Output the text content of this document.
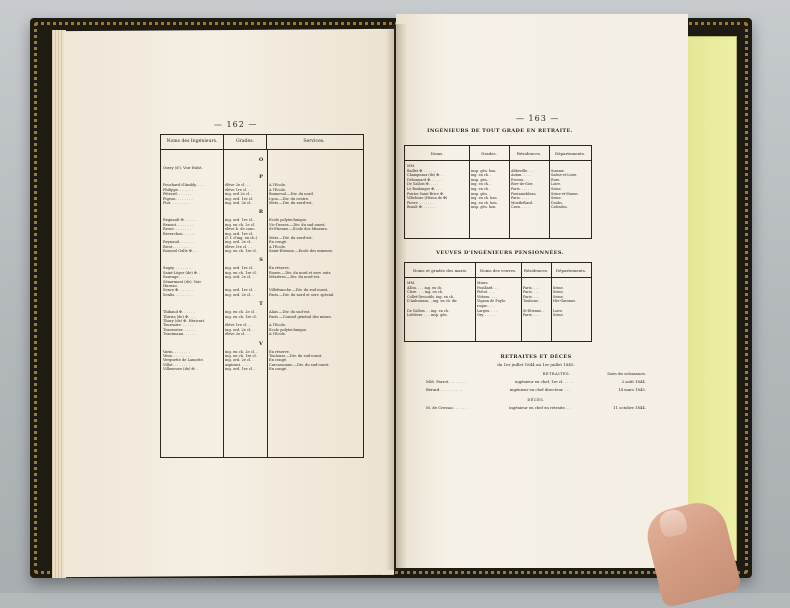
— 162 —
— 163 —
Noms des Ingénieurs.	Grades.	Services.
O
Osery (d'). Voir Hulst.
P
Pouchard d'Ambly. . . .	élève 2e cl. . .	A l'École.
Philippe. . . . . . .	élève 1re cl. . .	A l'École.
Pétrard. . . . . . .	ing. ord 2e cl. .	Bonneval.—Div. du nord.
Pigeon. . . . . . . .	ing. ord. 1re cl.	Lyon.—Div. du centre.
Piot. . . . . . . . .	ing. ord. 2e cl. .	Metz.—Div. du nord-est.
R
Regnault ✠. . . . . .	ing. ord. 1re cl. .	École polytechnique.
Renout. . . . . . . .	ing. en ch. 2e cl.	Vic-Dessos.—Div. du sud-ouest.
Resse. . . . . . . .	élève h. de conc.	St-Étienne.—École des Mineurs.
Reverchon. . . . . .	ing. ord. 1re cl.
(f. f. d'ing. en ch.)	Metz.—Div. du nord-est.
Reynaud. . . . . . .	ing. ord. 2e cl. .	En congé.
Rivot. . . . . . . .	élève 1re cl. . .	A l'École.
Roussel Galle ✠. . .	ing. en ch. 1re cl.	Saint-Étienne.—École des mineurs.
S
Sagey. . . . . . . .	ing. ord. 1re cl. .	En réserve.
Saint-Léger (de) ✠. .	ing. en ch. 1re cl.	Rouen.—Div. du nord et serv. extr.
Sauvage. . . . . . .	ing. ord. 2e cl. .	Mézières.—Div. du nord-est.
Sénarmont (de). Voir
Hureau.
Sence ✠. . . . . . .	ing. ord. 1re cl. .	Villefranche.—Div. du sud-ouest.
Senlis. . . . . . . .	ing. ord. 2e cl. .	Paris.—Div. du nord et serv. spécial.
T
Thibaud ✠. . . . . .	ing. en ch. 2e cl. .	Alais.—Div. du sud-est.
Thirria (de) ✠. . . .	ing. en ch. 1re cl.	Paris.—Conseil général des mines.
Thury (de) ✠. Héricart.
Tournaire. . . . . .	élève 1re cl. . .	A l'École.
Trasenster. . . . . .	ing. ord. 2e cl. .	École polytechnique.
Trautmann. . . . . .	élève 2e cl. . .	A l'École.
V
Varin. . . . . . . .	ing. en ch. 2e cl. .	En réserve.
Vène. . . . . . . . .	ing. en ch. 1re cl.	Toulouse.—Div. du sud-ouest.
Vergnette de Lamotte.	ing. ord. 2e cl. .	En congé.
Villot. . . . . . . .	aspirant. . . . .	Carcassonne.—Div. du sud-ouest.
Villeneuve (de) ✠. .	ing. ord. 1re cl. .	En congé.
INGÉNIEURS DE TOUT GRADE EN RETRAITE.
Noms.	Grades.	Résidences.	Départements.
MM.
Baillet ✠. . . . . . .	insp. gén. hon.	Abbeville. . . .	Somme.
Champeaux (de) ✠. . .	ing. en ch. .	Autun. . . . .	Saône-et-Loire.
Debonnard ✠. . . . . .	insp. gén. .	Évreux . . . .	Eure.
De Gallois ✠. . . . .	ing. en ch. .	Rive-de-Gier. .	Loire.
Le Boulanger ✠. . . .	ing. en ch. .	Paris. . . . .	Seine.
Poirier Saint-Brice ✠.	insp. gén. .	Fontainebleau.	Seine-et-Marne.
Villefosse (Héron de ✠)	ing. en ch. hon.	Paris. . . . .	Seine.
Pierre. . . . . . . .	ing. en ch. hon.	Montbéliard. .	Doubs.
Brault ✠. . . . . . .	insp. gén. hon.	Caen. . . . .	Calvados.
VEUVES D'INGÉNIEURS PENSIONNÉES.
Noms et grades des maris.	Noms des veuves.	Résidences.	Départements.
MM.	Mmes
Allou. . . . ing. en ch.	Fouillard. . .	Paris. . . .	Seine.
Clere. . . . ing. en ch.	Piétot. . . .	Paris. . . .	Seine.
Collet-Descotils. ing. en ch.	Vitteau. . . .	Paris. . . .	Seine.
D'Aubuisson. . ing. en ch. dir.	Vignon de Puylo-	Toulouse. .	Hte-Garonne.
roque. . . .
De Gallois. . . ing. en ch.	Largeu. . . .	St-Étienne. .	Loire.
Lefebvre. . . . insp. gén.	Ory. . . . . .	Paris. . . .	Seine.
RETRAITES ET DÉCÈS
du 1er juillet 1844 au 1er juillet 1845.
RETRAITES.	Dates des ordonnances.
MM. Parrot. . . . . . . .	ingénieur en chef, 1re cl. . . . .	2 août 1844.
Bérard. . . . . . . . . .	ingénieur en chef directeur. . . .	14 mars 1845.
DÉCÈS.
M. de Cressac. . . . . .	ingénieur en chef en retraite. . .	11 octobre 1844.
